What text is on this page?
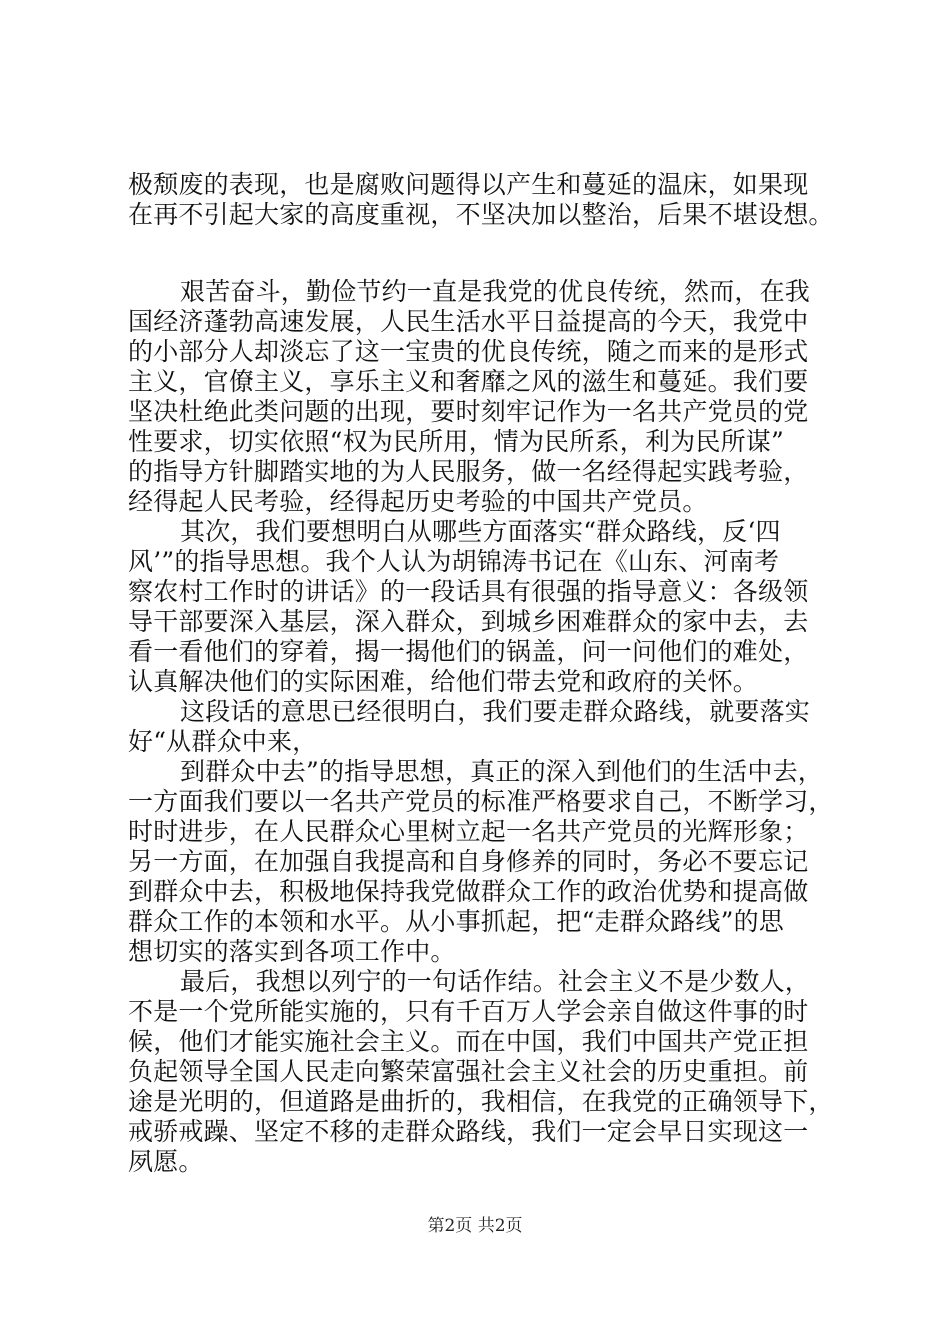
极颓废的表现，也是腐败问题得以产生和蔓延的温床，如果现
在再不引起大家的高度重视，不坚决加以整治，后果不堪设想。
艰苦奋斗，勤俭节约一直是我党的优良传统，然而，在我
国经济蓬勃高速发展，人民生活水平日益提高的今天，我党中
的小部分人却淡忘了这一宝贵的优良传统，随之而来的是形式
主义，官僚主义，享乐主义和奢靡之风的滋生和蔓延。我们要
坚决杜绝此类问题的出现，要时刻牢记作为一名共产党员的党
性要求，切实依照“权为民所用，情为民所系，利为民所谋”
的指导方针脚踏实地的为人民服务，做一名经得起实践考验，
经得起人民考验，经得起历史考验的中国共产党员。
其次，我们要想明白从哪些方面落实“群众路线，反‘四
风’”的指导思想。我个人认为胡锦涛书记在《山东、河南考
察农村工作时的讲话》的一段话具有很强的指导意义：各级领
导干部要深入基层，深入群众，到城乡困难群众的家中去，去
看一看他们的穿着，揭一揭他们的锅盖，问一问他们的难处，
认真解决他们的实际困难，给他们带去党和政府的关怀。
这段话的意思已经很明白，我们要走群众路线，就要落实
好“从群众中来，
到群众中去”的指导思想，真正的深入到他们的生活中去，
一方面我们要以一名共产党员的标准严格要求自己，不断学习，
时时进步，在人民群众心里树立起一名共产党员的光辉形象；
另一方面，在加强自我提高和自身修养的同时，务必不要忘记
到群众中去，积极地保持我党做群众工作的政治优势和提高做
群众工作的本领和水平。从小事抓起，把“走群众路线”的思
想切实的落实到各项工作中。
最后，我想以列宁的一句话作结。社会主义不是少数人，
不是一个党所能实施的，只有千百万人学会亲自做这件事的时
候，他们才能实施社会主义。而在中国，我们中国共产党正担
负起领导全国人民走向繁荣富强社会主义社会的历史重担。前
途是光明的，但道路是曲折的，我相信，在我党的正确领导下，
戒骄戒躁、坚定不移的走群众路线，我们一定会早日实现这一
夙愿。
第2页 共2页
